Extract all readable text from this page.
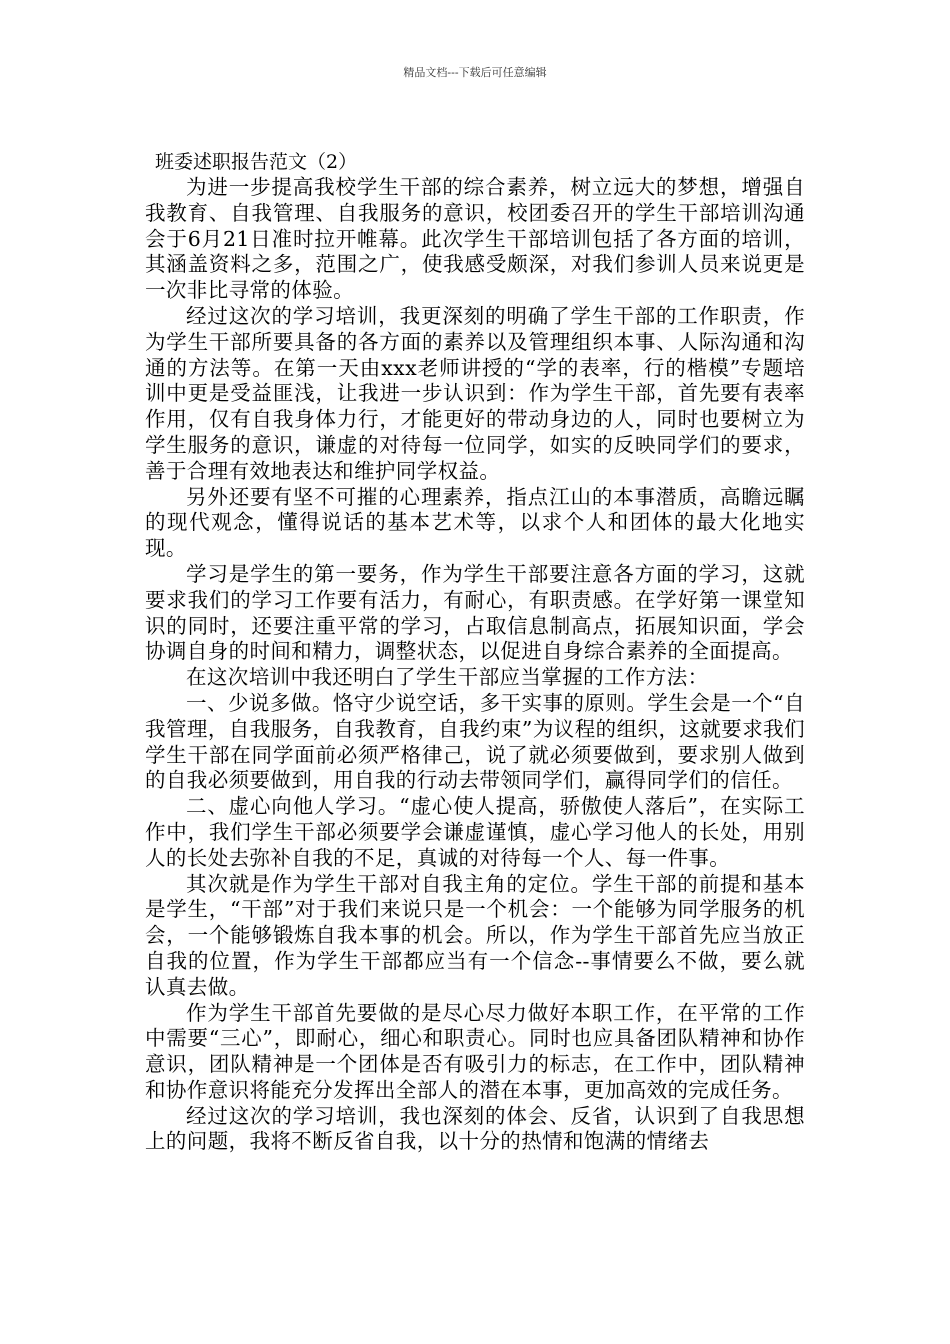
精品文档---下载后可任意编辑
班委述职报告范文（2）

为进一步提高我校学生干部的综合素养，树立远大的梦想，增强自我教育、自我管理、自我服务的意识，校团委召开的学生干部培训沟通会于6月21日准时拉开帷幕。此次学生干部培训包括了各方面的培训，其涵盖资料之多，范围之广，使我感受颇深，对我们参训人员来说更是一次非比寻常的体验。

经过这次的学习培训，我更深刻的明确了学生干部的工作职责，作为学生干部所要具备的各方面的素养以及管理组织本事、人际沟通和沟通的方法等。在第一天由xxx老师讲授的“学的表率，行的楷模”专题培训中更是受益匪浅，让我进一步认识到：作为学生干部，首先要有表率作用，仅有自我身体力行，才能更好的带动身边的人，同时也要树立为学生服务的意识，谦虚的对待每一位同学，如实的反映同学们的要求，善于合理有效地表达和维护同学权益。

另外还要有坚不可摧的心理素养，指点江山的本事潜质，高瞻远瞩的现代观念，懂得说话的基本艺术等，以求个人和团体的最大化地实现。

学习是学生的第一要务，作为学生干部要注意各方面的学习，这就要求我们的学习工作要有活力，有耐心，有职责感。在学好第一课堂知识的同时，还要注重平常的学习，占取信息制高点，拓展知识面，学会协调自身的时间和精力，调整状态，以促进自身综合素养的全面提高。

在这次培训中我还明白了学生干部应当掌握的工作方法：

一、少说多做。恪守少说空话，多干实事的原则。学生会是一个“自我管理，自我服务，自我教育，自我约束”为议程的组织，这就要求我们学生干部在同学面前必须严格律己，说了就必须要做到，要求别人做到的自我必须要做到，用自我的行动去带领同学们，赢得同学们的信任。

二、虚心向他人学习。“虚心使人提高，骄傲使人落后”，在实际工作中，我们学生干部必须要学会谦虚谨慎，虚心学习他人的长处，用别人的长处去弥补自我的不足，真诚的对待每一个人、每一件事。

其次就是作为学生干部对自我主角的定位。学生干部的前提和基本是学生，“干部”对于我们来说只是一个机会：一个能够为同学服务的机会，一个能够锻炼自我本事的机会。所以，作为学生干部首先应当放正自我的位置，作为学生干部都应当有一个信念--事情要么不做，要么就认真去做。

作为学生干部首先要做的是尽心尽力做好本职工作，在平常的工作中需要“三心”，即耐心，细心和职责心。同时也应具备团队精神和协作意识，团队精神是一个团体是否有吸引力的标志，在工作中，团队精神和协作意识将能充分发挥出全部人的潜在本事，更加高效的完成任务。

经过这次的学习培训，我也深刻的体会、反省，认识到了自我思想上的问题，我将不断反省自我，以十分的热情和饱满的情绪去
